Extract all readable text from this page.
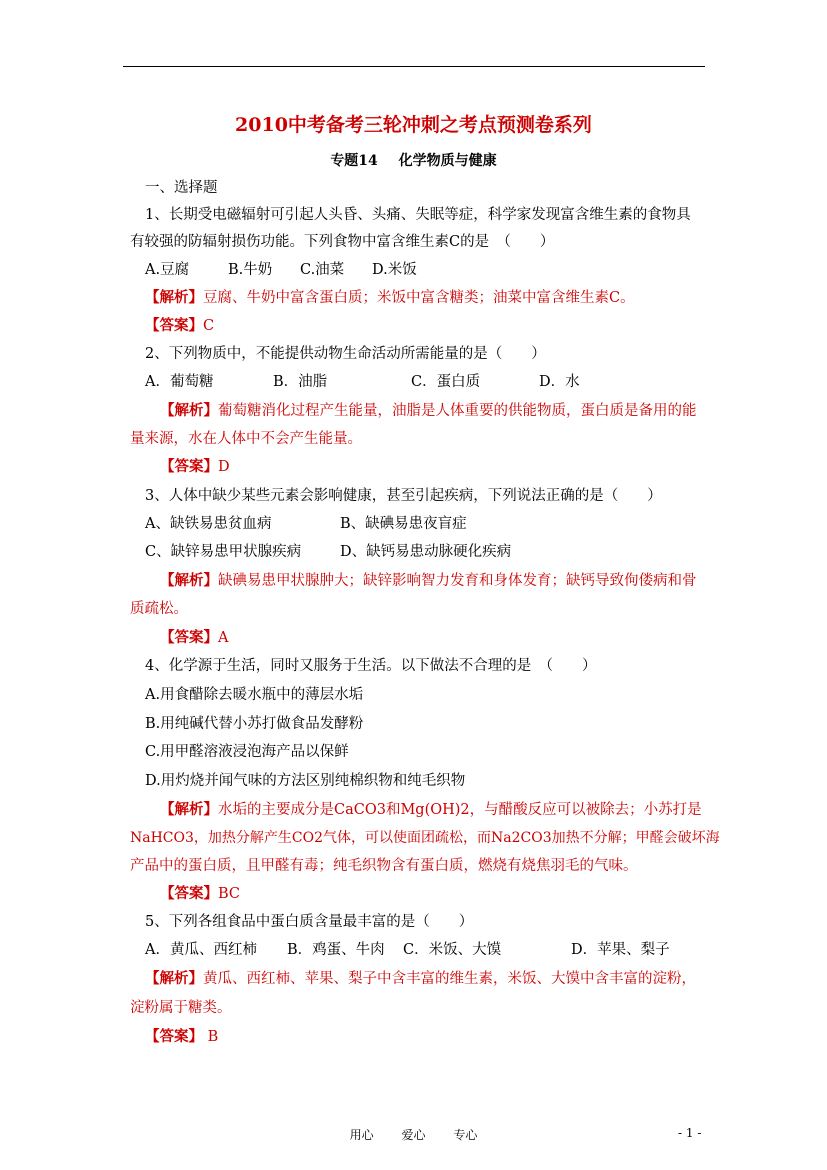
2010中考备考三轮冲刺之考点预测卷系列
专题14 化学物质与健康
一、选择题
1、长期受电磁辐射可引起人头昏、头痛、失眠等症，科学家发现富含维生素的食物具
有较强的防辐射损伤功能。下列食物中富含维生素C的是　（　　）
A.豆腐	B.牛奶 C.油菜 D.米饭
【解析】豆腐、牛奶中富含蛋白质；米饭中富含糖类；油菜中富含维生素C。
【答案】C
2、下列物质中，不能提供动物生命活动所需能量的是（　　）
A．葡萄糖	B．油脂	C．蛋白质	D．水
【解析】葡萄糖消化过程产生能量，油脂是人体重要的供能物质，蛋白质是备用的能
量来源，水在人体中不会产生能量。
【答案】D
3、人体中缺少某些元素会影响健康，甚至引起疾病，下列说法正确的是（　　）
A、缺铁易患贫血病	B、缺碘易患夜盲症
C、缺锌易患甲状腺疾病	D、缺钙易患动脉硬化疾病
【解析】缺碘易患甲状腺肿大；缺锌影响智力发育和身体发育；缺钙导致佝偻病和骨
质疏松。
【答案】A
4、化学源于生活，同时又服务于生活。以下做法不合理的是　（　　）
A.用食醋除去暖水瓶中的薄层水垢
B.用纯碱代替小苏打做食品发酵粉
C.用甲醛溶液浸泡海产品以保鲜
D.用灼烧并闻气味的方法区别纯棉织物和纯毛织物
【解析】水垢的主要成分是CaCO3和Mg(OH)2，与醋酸反应可以被除去；小苏打是
NaHCO3，加热分解产生CO2气体，可以使面团疏松，而Na2CO3加热不分解；甲醛会破坏海
产品中的蛋白质，且甲醛有毒；纯毛织物含有蛋白质，燃烧有烧焦羽毛的气味。
【答案】BC
5、下列各组食品中蛋白质含量最丰富的是（　　）
A．黄瓜、西红柿 B．鸡蛋、牛肉 C．米饭、大馍	D．苹果、梨子
【解析】黄瓜、西红柿、苹果、梨子中含丰富的维生素，米饭、大馍中含丰富的淀粉，
淀粉属于糖类。
【答案】 B
用心 爱心 专心	- 1 -
